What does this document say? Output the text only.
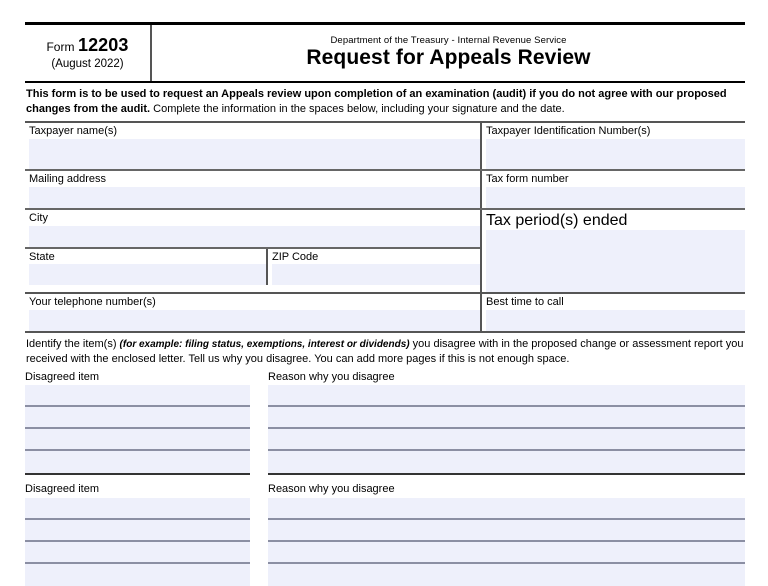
Form 12203
(August 2022)
Department of the Treasury - Internal Revenue Service
Request for Appeals Review
This form is to be used to request an Appeals review upon completion of an examination (audit) if you do not agree with our proposed changes from the audit. Complete the information in the spaces below, including your signature and the date.
Taxpayer name(s)	Taxpayer Identification Number(s)
Mailing address	Tax form number
City
State	ZIP Code
Tax period(s) ended
Your telephone number(s)	Best time to call
Identify the item(s) (for example: filing status, exemptions, interest or dividends) you disagree with in the proposed change or assessment report you received with the enclosed letter. Tell us why you disagree. You can add more pages if this is not enough space.
Disagreed item	Reason why you disagree
Disagreed item	Reason why you disagree
